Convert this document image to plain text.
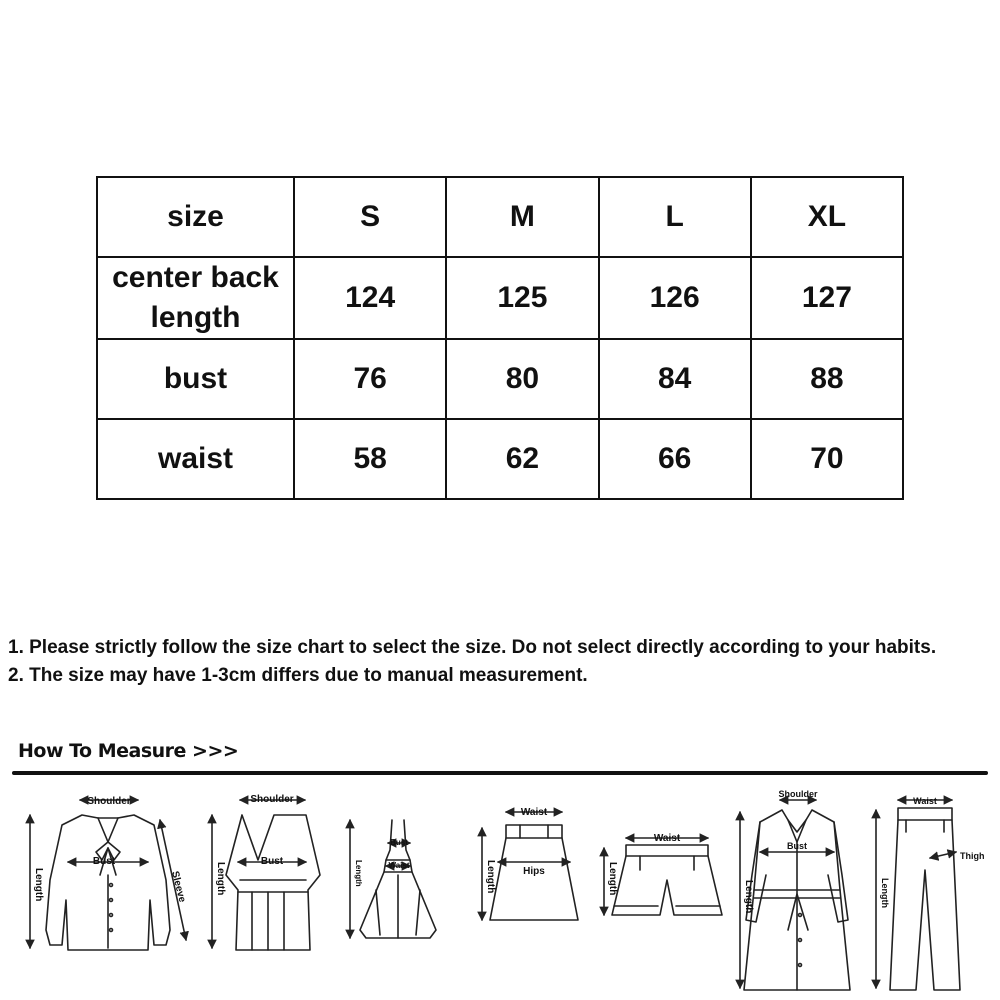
size	S	M	L	XL
center back length	124	125	126	127
bust	76	80	84	88
waist	58	62	66	70

1. Please strictly follow the size chart to select the size. Do not select directly according to your habits.

2. The size may have 1-3cm differs due to manual measurement.

How To Measure >>>
Shoulder
Bust
Sleeve
Length
Shoulder
Bust
Length
Bust
Waist
Length
Waist
Hips
Length
Waist
Length
Shoulder
Bust
Length
Waist
Thigh
Length
